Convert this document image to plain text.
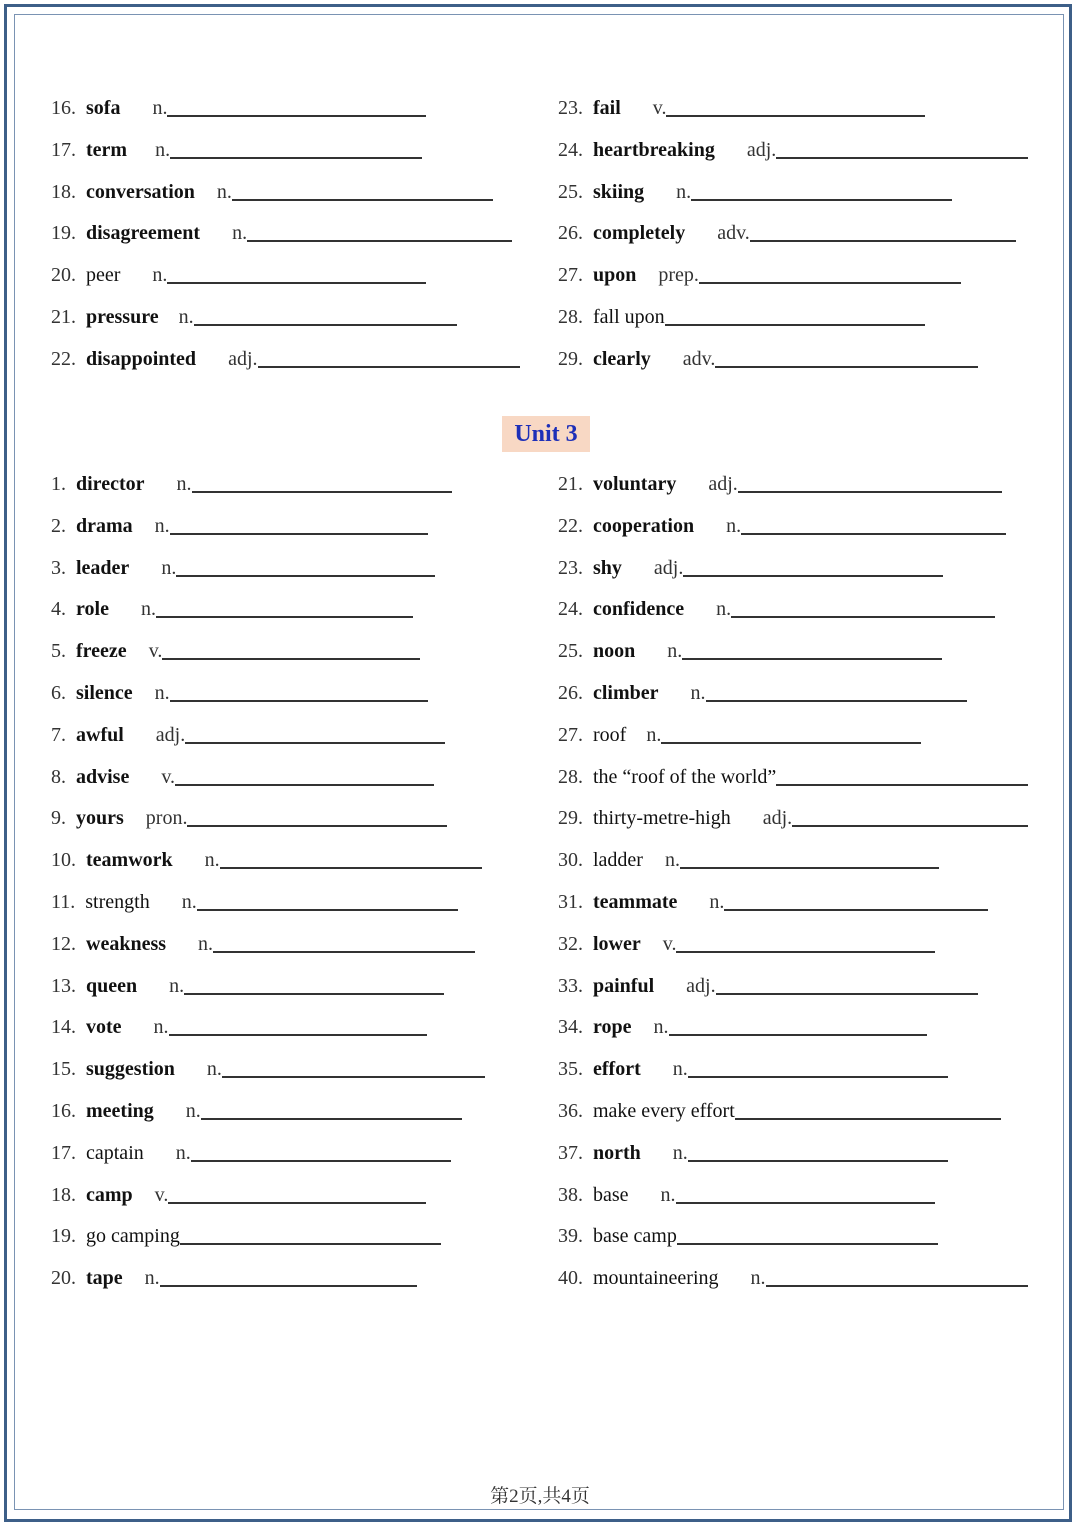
16. sofa n.
17. term n.
18. conversation n.
19. disagreement n.
20. peer n.
21. pressure n.
22. disappointed adj.
23. fail v.
24. heartbreaking adj.
25. skiing n.
26. completely adv.
27. upon prep.
28. fall upon
29. clearly adv.
Unit 3
1. director n.
2. drama n.
3. leader n.
4. role n.
5. freeze v.
6. silence n.
7. awful adj.
8. advise v.
9. yours pron.
10. teamwork n.
11. strength n.
12. weakness n.
13. queen n.
14. vote n.
15. suggestion n.
16. meeting n.
17. captain n.
18. camp v.
19. go camping
20. tape n.
21. voluntary adj.
22. cooperation n.
23. shy adj.
24. confidence n.
25. noon n.
26. climber n.
27. roof n.
28. the “roof of the world”
29. thirty-metre-high adj.
30. ladder n.
31. teammate n.
32. lower v.
33. painful adj.
34. rope n.
35. effort n.
36. make every effort
37. north n.
38. base n.
39. base camp
40. mountaineering n.
第2页,共4页
